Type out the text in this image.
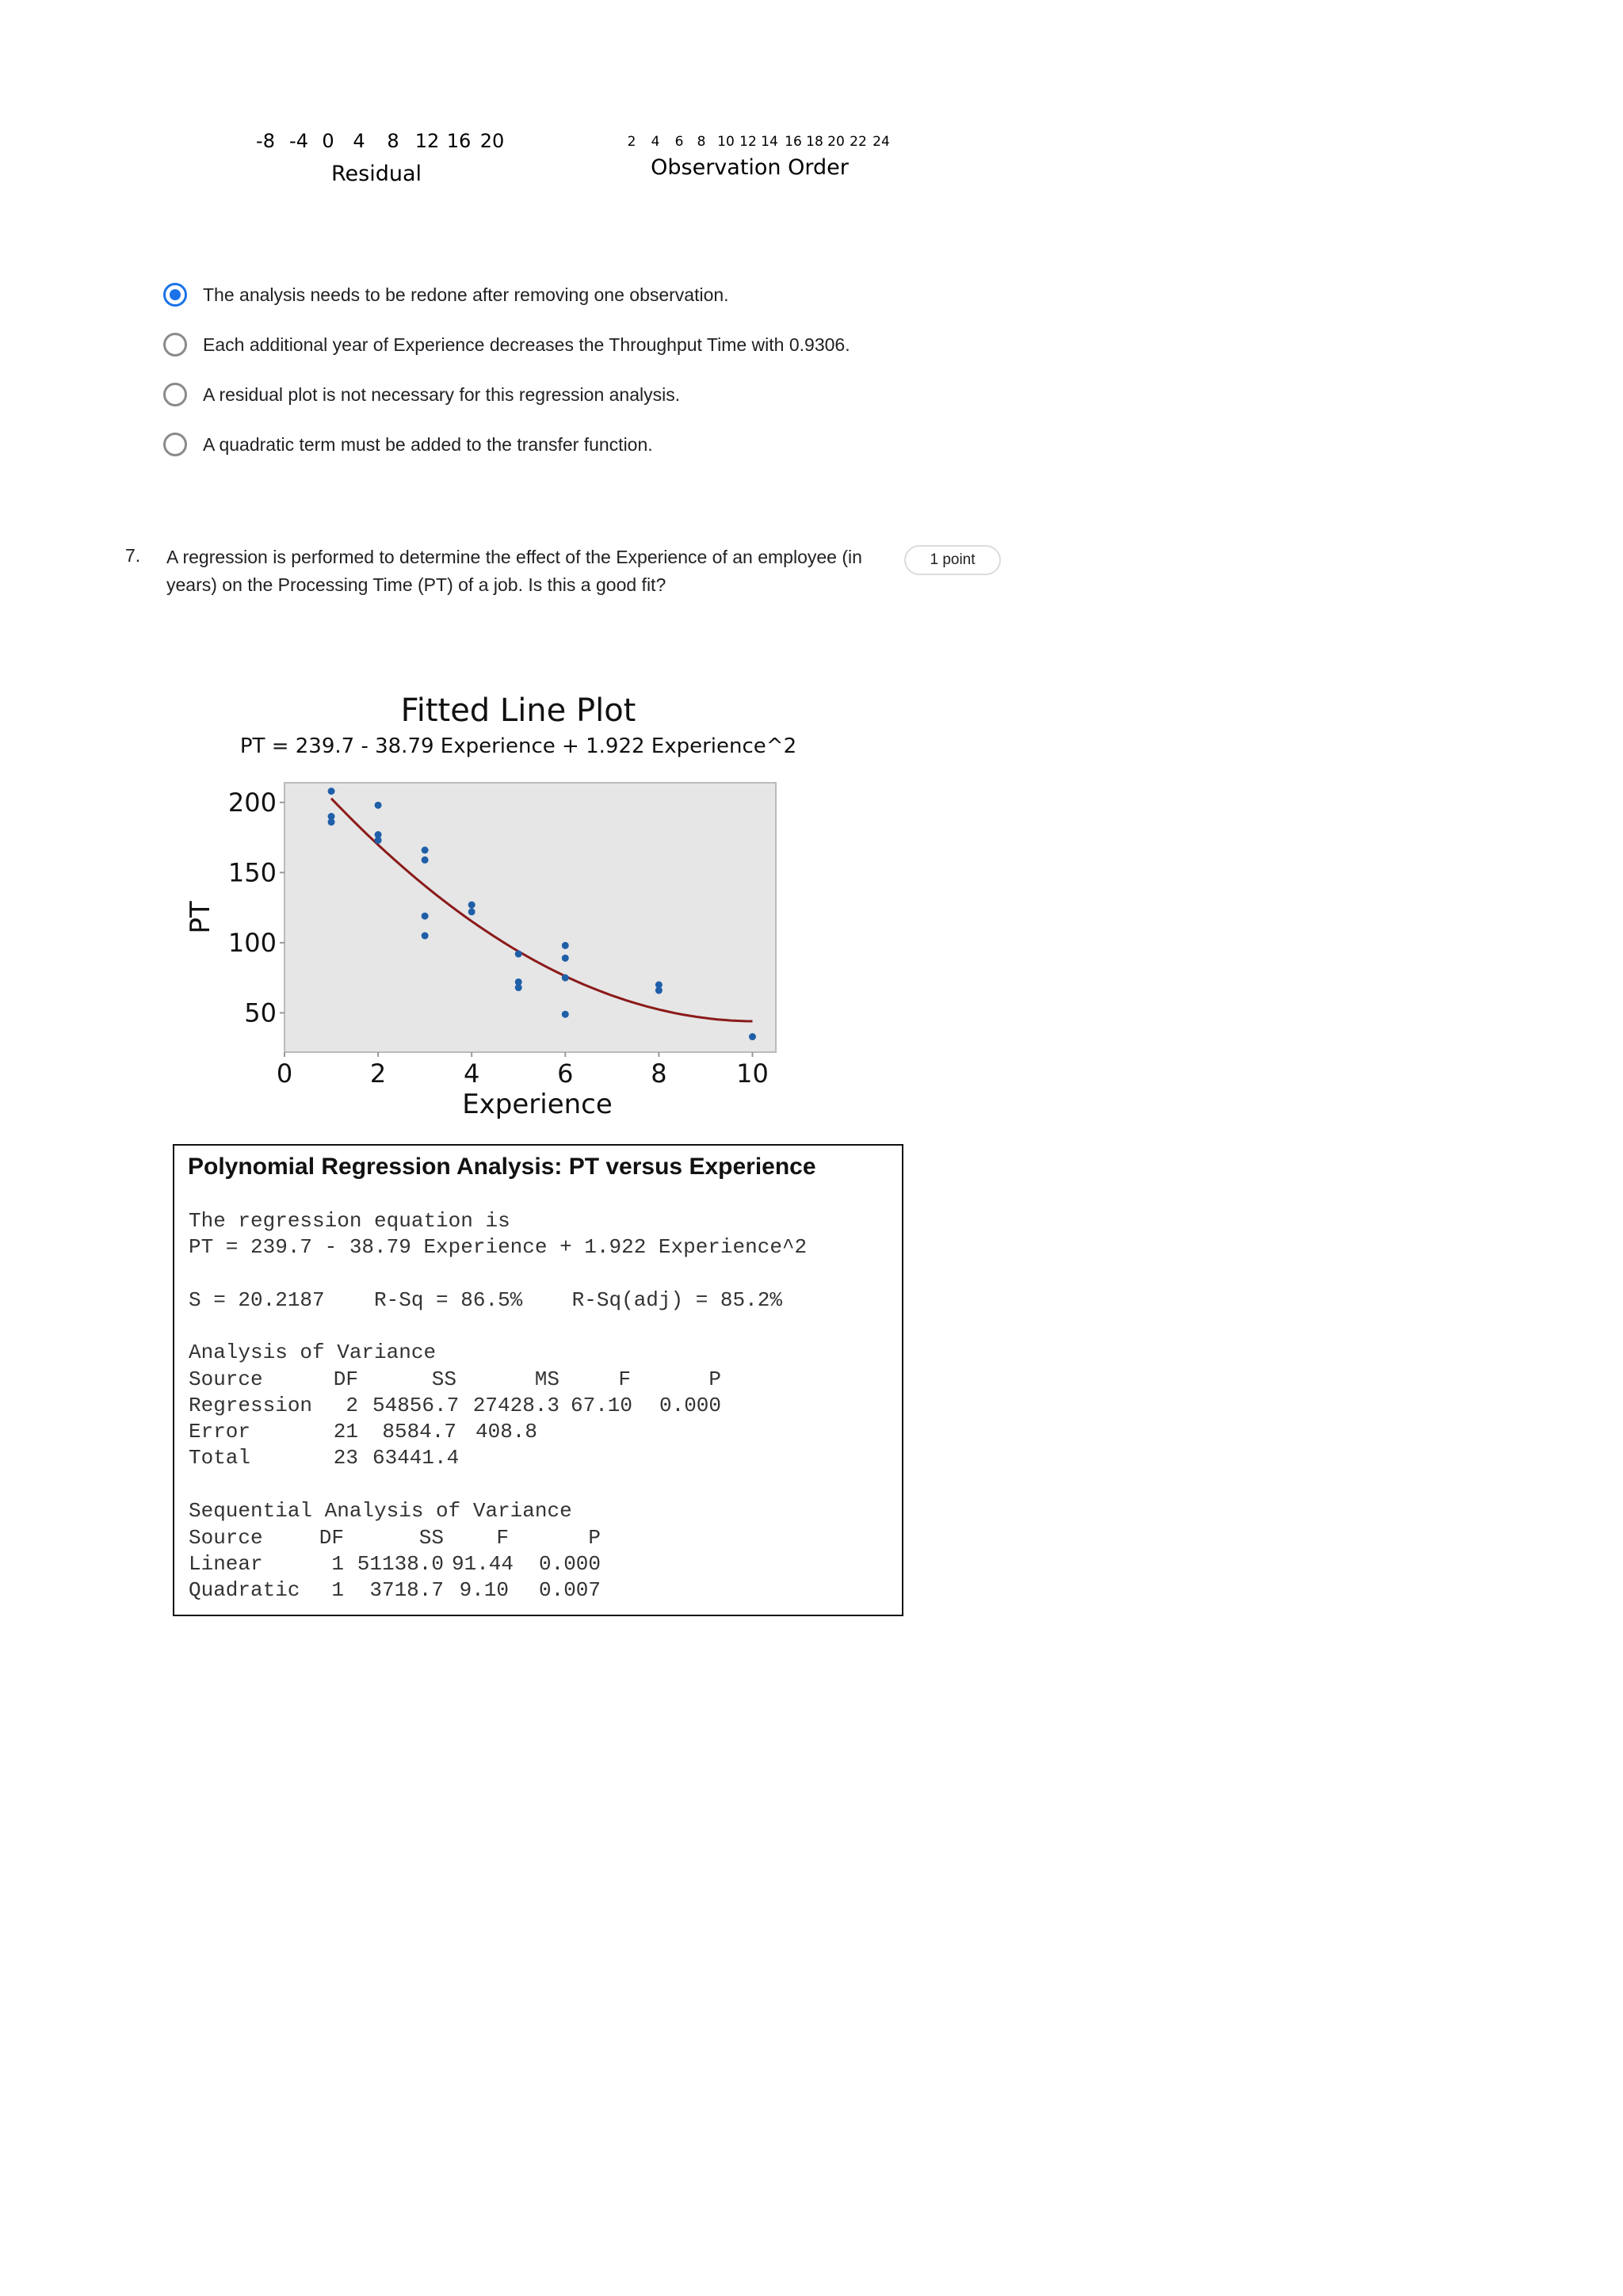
-8 -4 0 4 8 12 16 20
Residual
2 4 6 8 10 12 14 16 18 20 22 24
Observation Order
The analysis needs to be redone after removing one observation.
Each additional year of Experience decreases the Throughput Time with 0.9306.
A residual plot is not necessary for this regression analysis.
A quadratic term must be added to the transfer function.
7. A regression is performed to determine the effect of the Experience of an employee (in years) on the Processing Time (PT) of a job. Is this a good fit?
1 point
Fitted Line Plot
PT = 239.7 - 38.79 Experience + 1.922 Experience^2
50
100
150
200
0	2	4	6	8	10
Experience
PT
Polynomial Regression Analysis: PT versus Experience
The regression equation is
PT = 239.7 - 38.79 Experience + 1.922 Experience^2
S = 20.2187    R-Sq = 86.5%    R-Sq(adj) = 85.2%
Analysis of Variance
Source	DF	SS	MS	F	P
Regression	2 54856.7 27428.3 67.10	0.000
Error	21	8584.7 408.8
Total	23 63441.4
Sequential Analysis of Variance
Source	DF	SS	F	P
Linear	1 51138.0 91.44	0.000
Quadratic	1	3718.7 9.10	0.007
